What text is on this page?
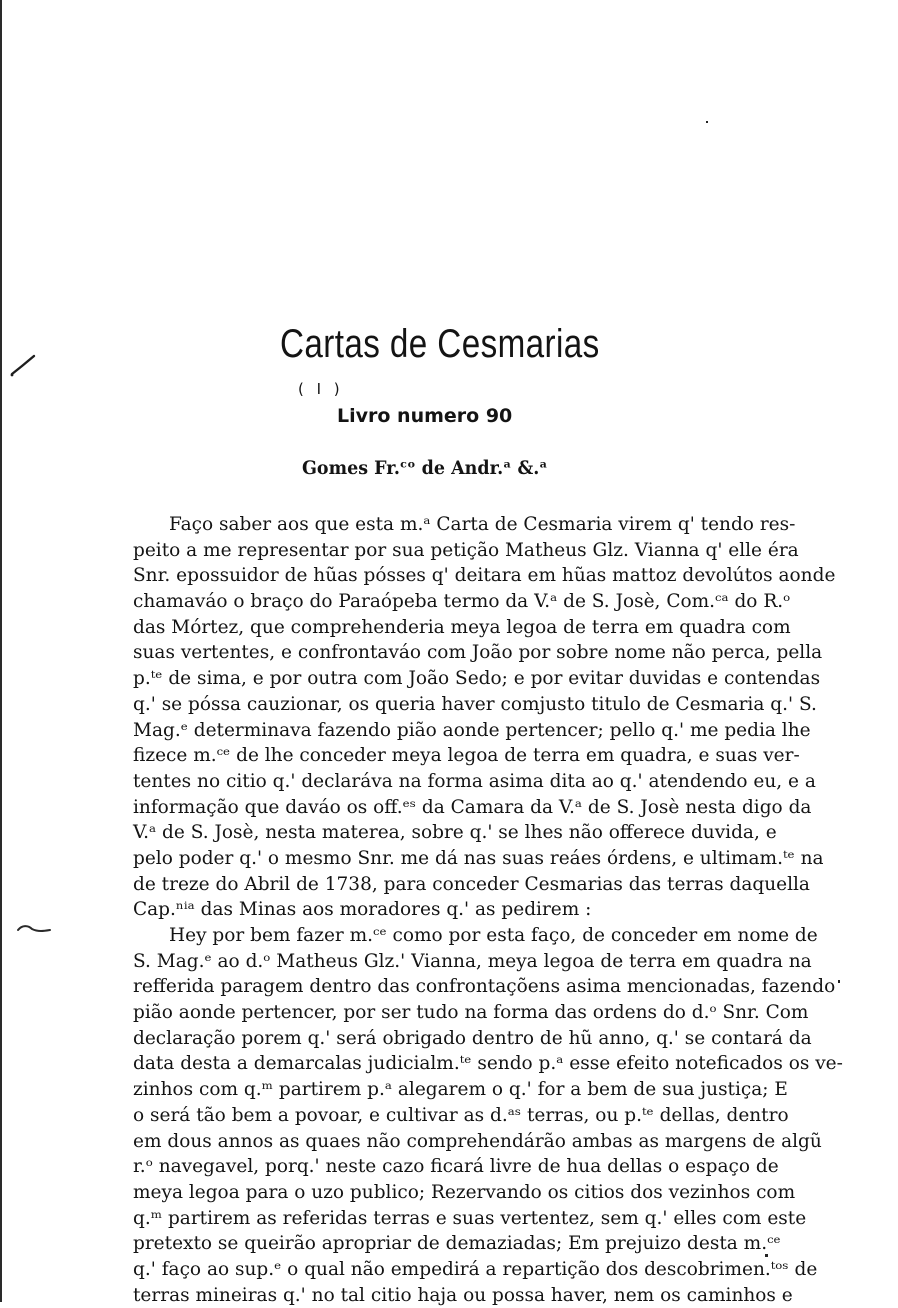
Cartas de Cesmarias
( I )
Livro numero 90
Gomes Fr.ᶜᵒ de Andr.ᵃ &.ᵃ
Faço saber aos que esta m.ᵃ Carta de Cesmaria virem q' tendo res-
peito a me representar por sua petição Matheus Glz. Vianna q' elle éra
Snr. epossuidor de hũas pósses q' deitara em hũas mattoz devolútos aonde
chamaváo o braço do Paraópeba termo da V.ᵃ de S. Josè, Com.ᶜᵃ do R.ᵒ
das Mórtez, que comprehenderia meya legoa de terra em quadra com
suas vertentes, e confrontaváo com João por sobre nome não perca, pella
p.ᵗᵉ de sima, e por outra com João Sedo; e por evitar duvidas e contendas
q.' se póssa cauzionar, os queria haver comjusto titulo de Cesmaria q.' S.
Mag.ᵉ determinava fazendo pião aonde pertencer; pello q.' me pedia lhe
fizece m.ᶜᵉ de lhe conceder meya legoa de terra em quadra, e suas ver-
tentes no citio q.' declaráva na forma asima dita ao q.' atendendo eu, e a
informação que daváo os off.ᵉˢ da Camara da V.ᵃ de S. Josè nesta digo da
V.ᵃ de S. Josè, nesta materea, sobre q.' se lhes não offerece duvida, e
pelo poder q.' o mesmo Snr. me dá nas suas reáes órdens, e ultimam.ᵗᵉ na
de treze do Abril de 1738, para conceder Cesmarias das terras daquella
Cap.ⁿⁱᵃ das Minas aos moradores q.' as pedirem :
Hey por bem fazer m.ᶜᵉ como por esta faço, de conceder em nome de
S. Mag.ᵉ ao d.ᵒ Matheus Glz.' Vianna, meya legoa de terra em quadra na
refferida paragem dentro das confrontaçõens asima mencionadas, fazendo
pião aonde pertencer, por ser tudo na forma das ordens do d.ᵒ Snr. Com
declaração porem q.' será obrigado dentro de hũ anno, q.' se contará da
data desta a demarcalas judicialm.ᵗᵉ sendo p.ᵃ esse efeito noteficados os ve-
zinhos com q.ᵐ partirem p.ᵃ alegarem o q.' for a bem de sua justiça; E
o será tão bem a povoar, e cultivar as d.ᵃˢ terras, ou p.ᵗᵉ dellas, dentro
em dous annos as quaes não comprehendárão ambas as margens de algũ
r.ᵒ navegavel, porq.' neste cazo ficará livre de hua dellas o espaço de
meya legoa para o uzo publico; Rezervando os citios dos vezinhos com
q.ᵐ partirem as referidas terras e suas vertentez, sem q.' elles com este
pretexto se queirão apropriar de demaziadas; Em prejuizo desta m.ᶜᵉ
q.' faço ao sup.ᵉ o qual não empedirá a repartição dos descobrimen.ᵗᵒˢ de
terras mineiras q.' no tal citio haja ou possa haver, nem os caminhos e
